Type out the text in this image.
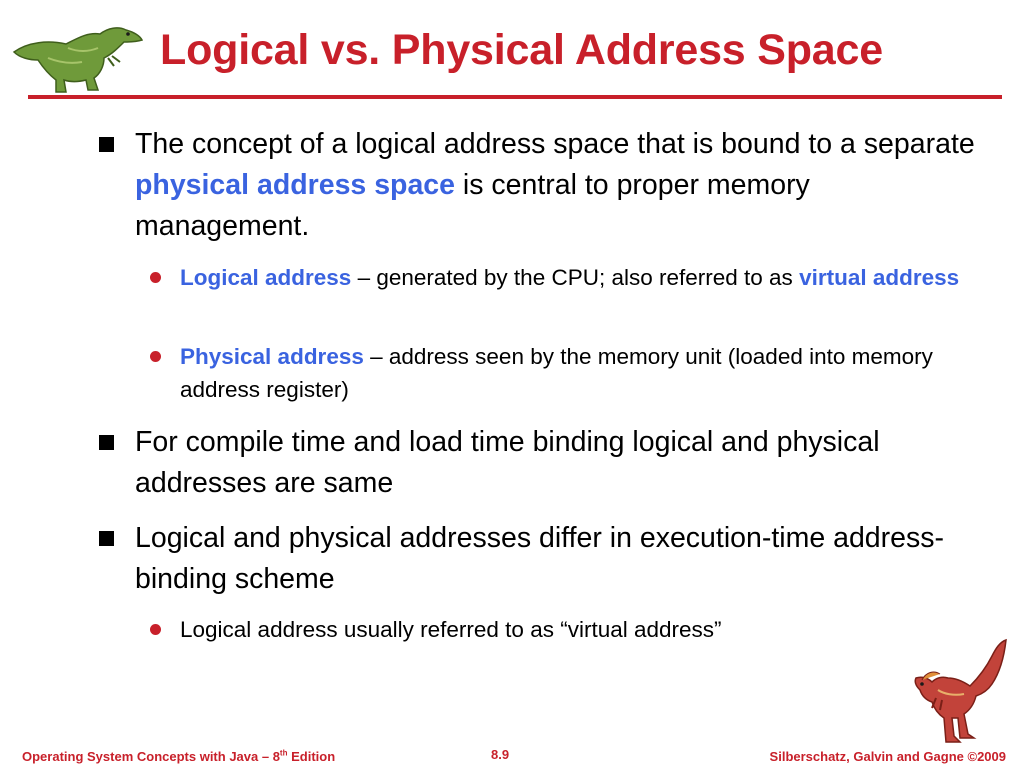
Logical vs. Physical Address Space
The concept of a logical address space that is bound to a separate physical address space is central to proper memory management.
Logical address – generated by the CPU; also referred to as virtual address
Physical address – address seen by the memory unit (loaded into memory address register)
For compile time and load time binding logical and physical addresses are same
Logical and physical addresses differ in execution-time address-binding scheme
Logical address usually referred to as “virtual address”
Operating System Concepts with Java – 8th Edition	8.9	Silberschatz, Galvin and Gagne ©2009
